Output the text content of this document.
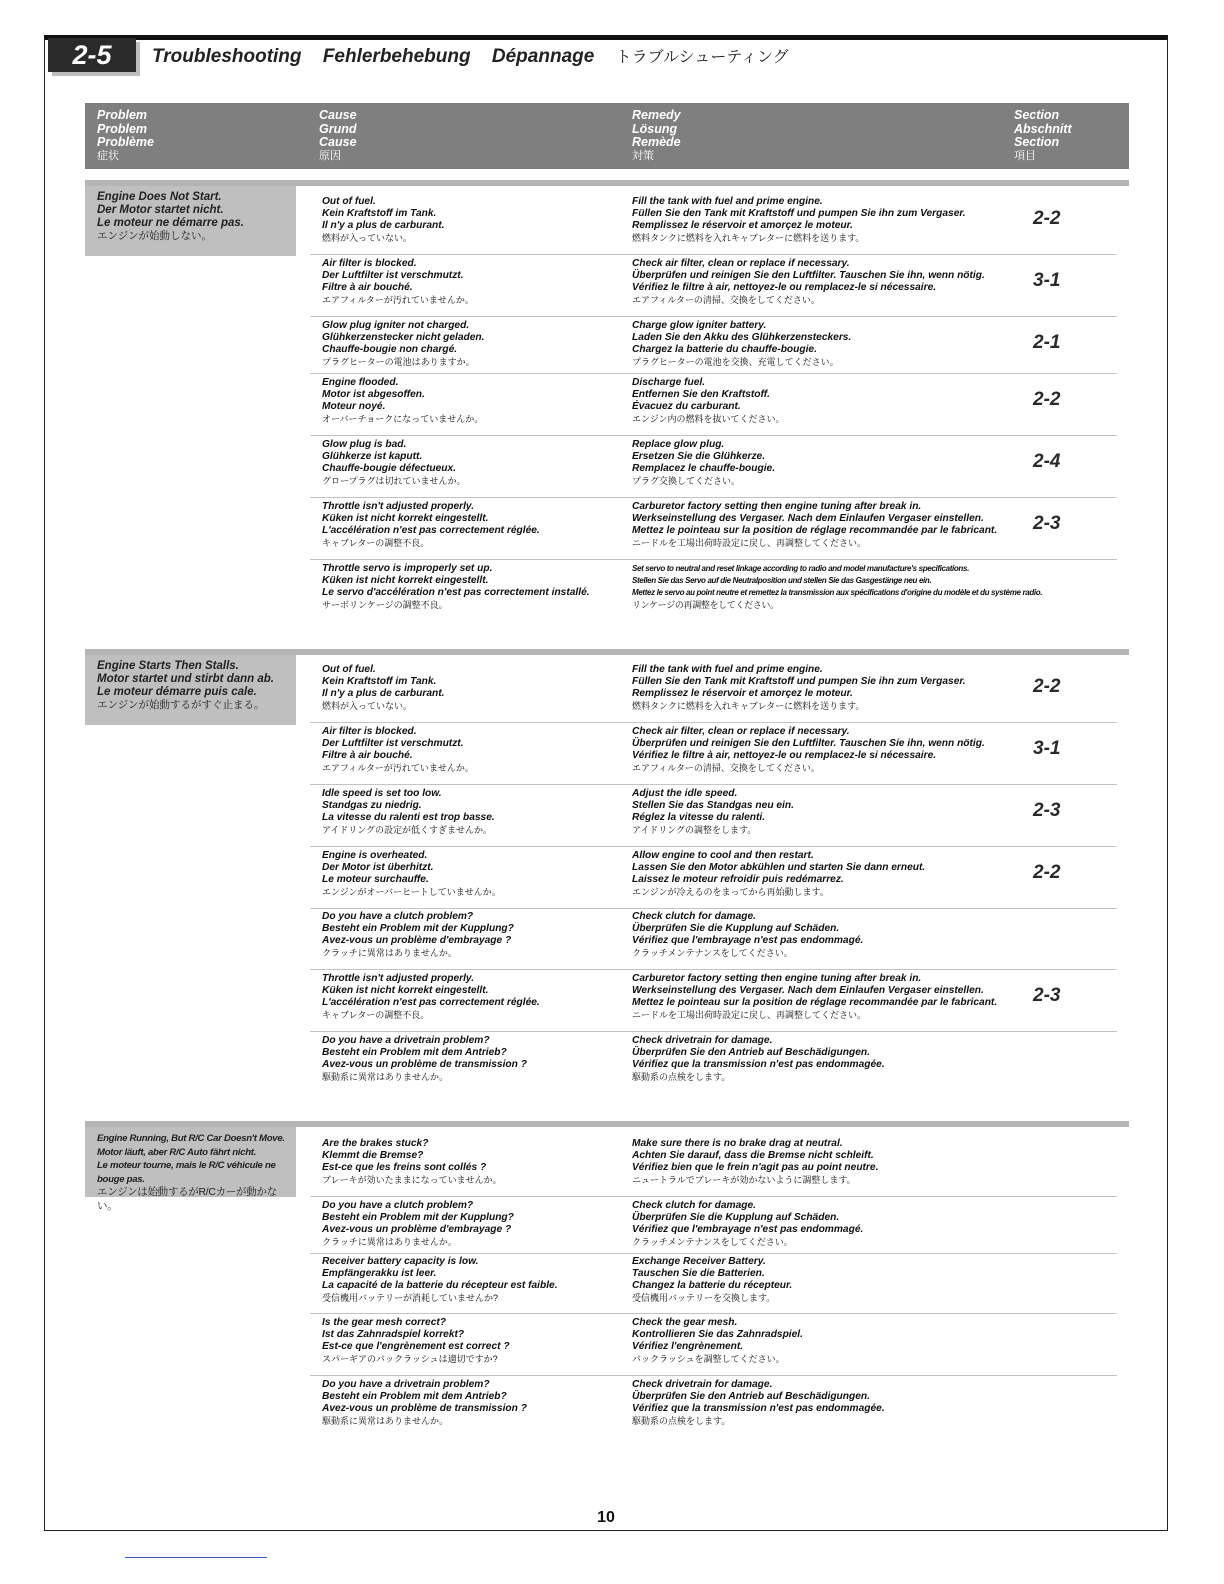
2-5	Troubleshooting Fehlerbehebung Dépannage トラブルシューティング
Problem
Problem
Problème
症状
Cause
Grund
Cause
原因
Remedy
Lösung
Remède
対策
Section
Abschnitt
Section
項目
Engine Does Not Start.
Der Motor startet nicht.
Le moteur ne démarre pas.
エンジンが始動しない。
Out of fuel.
Kein Kraftstoff im Tank.
Il n'y a plus de carburant.
燃料が入っていない。
Fill the tank with fuel and prime engine.
Füllen Sie den Tank mit Kraftstoff und pumpen Sie ihn zum Vergaser.
Remplissez le réservoir et amorçez le moteur.
燃料タンクに燃料を入れキャブレターに燃料を送ります。
2-2
Air filter is blocked.
Der Luftfilter ist verschmutzt.
Filtre à air bouché.
エアフィルターが汚れていませんか。
Check air filter, clean or replace if necessary.
Überprüfen und reinigen Sie den Luftfilter. Tauschen Sie ihn, wenn nötig.
Vérifiez le filtre à air, nettoyez-le ou remplacez-le si nécessaire.
エアフィルターの清掃、交換をしてください。
3-1
Glow plug igniter not charged.
Glühkerzenstecker nicht geladen.
Chauffe-bougie non chargé.
プラグヒーターの電池はありますか。
Charge glow igniter battery.
Laden Sie den Akku des Glühkerzensteckers.
Chargez la batterie du chauffe-bougie.
プラグヒーターの電池を交換、充電してください。
2-1
Engine flooded.
Motor ist abgesoffen.
Moteur noyé.
オーバーチョークになっていませんか。
Discharge fuel.
Entfernen Sie den Kraftstoff.
Évacuez du carburant.
エンジン内の燃料を抜いてください。
2-2
Glow plug is bad.
Glühkerze ist kaputt.
Chauffe-bougie défectueux.
グロープラグは切れていませんか。
Replace glow plug.
Ersetzen Sie die Glühkerze.
Remplacez le chauffe-bougie.
プラグ交換してください。
2-4
Throttle isn't adjusted properly.
Küken ist nicht korrekt eingestellt.
L'accélération n'est pas correctement réglée.
キャブレターの調整不良。
Carburetor factory setting then engine tuning after break in.
Werkseinstellung des Vergaser. Nach dem Einlaufen Vergaser einstellen.
Mettez le pointeau sur la position de réglage recommandée par le fabricant.
ニードルを工場出荷時設定に戻し、再調整してください。
2-3
Throttle servo is improperly set up.
Küken ist nicht korrekt eingestellt.
Le servo d'accélération n'est pas correctement installé.
サーボリンケージの調整不良。
Set servo to neutral and reset linkage according to radio and model manufacture's specifications.
Stellen Sie das Servo auf die Neutralposition und stellen Sie das Gasgestänge neu ein.
Mettez le servo au point neutre et remettez la transmission aux spécifications d'origine du modèle et du système radio.
リンケージの再調整をしてください。
Engine Starts Then Stalls.
Motor startet und stirbt dann ab.
Le moteur démarre puis cale.
エンジンが始動するがすぐ止まる。
Out of fuel.
Kein Kraftstoff im Tank.
Il n'y a plus de carburant.
燃料が入っていない。
Fill the tank with fuel and prime engine.
Füllen Sie den Tank mit Kraftstoff und pumpen Sie ihn zum Vergaser.
Remplissez le réservoir et amorçez le moteur.
燃料タンクに燃料を入れキャブレターに燃料を送ります。
2-2
Air filter is blocked.
Der Luftfilter ist verschmutzt.
Filtre à air bouché.
エアフィルターが汚れていませんか。
Check air filter, clean or replace if necessary.
Überprüfen und reinigen Sie den Luftfilter. Tauschen Sie ihn, wenn nötig.
Vérifiez le filtre à air, nettoyez-le ou remplacez-le si nécessaire.
エアフィルターの清掃、交換をしてください。
3-1
Idle speed is set too low.
Standgas zu niedrig.
La vitesse du ralenti est trop basse.
アイドリングの設定が低くすぎませんか。
Adjust the idle speed.
Stellen Sie das Standgas neu ein.
Réglez la vitesse du ralenti.
アイドリングの調整をします。
2-3
Engine is overheated.
Der Motor ist überhitzt.
Le moteur surchauffe.
エンジンがオーバーヒートしていませんか。
Allow engine to cool and then restart.
Lassen Sie den Motor abkühlen und starten Sie dann erneut.
Laissez le moteur refroidir puis redémarrez.
エンジンが冷えるのをまってから再始動します。
2-2
Do you have a clutch problem?
Besteht ein Problem mit der Kupplung?
Avez-vous un problème d'embrayage ?
クラッチに異常はありませんか。
Check clutch for damage.
Überprüfen Sie die Kupplung auf Schäden.
Vérifiez que l'embrayage n'est pas endommagé.
クラッチメンテナンスをしてください。
Throttle isn't adjusted properly.
Küken ist nicht korrekt eingestellt.
L'accélération n'est pas correctement réglée.
キャブレターの調整不良。
Carburetor factory setting then engine tuning after break in.
Werkseinstellung des Vergaser. Nach dem Einlaufen Vergaser einstellen.
Mettez le pointeau sur la position de réglage recommandée par le fabricant.
ニードルを工場出荷時設定に戻し、再調整してください。
2-3
Do you have a drivetrain problem?
Besteht ein Problem mit dem Antrieb?
Avez-vous un problème de transmission ?
駆動系に異常はありませんか。
Check drivetrain for damage.
Überprüfen Sie den Antrieb auf Beschädigungen.
Vérifiez que la transmission n'est pas endommagée.
駆動系の点検をします。
Engine Running, But R/C Car Doesn't Move.
Motor läuft, aber R/C Auto fährt nicht.
Le moteur tourne, mais le R/C véhicule ne bouge pas.
エンジンは始動するがR/Cカーが動かない。
Are the brakes stuck?
Klemmt die Bremse?
Est-ce que les freins sont collés ?
ブレーキが効いたままになっていませんか。
Make sure there is no brake drag at neutral.
Achten Sie darauf, dass die Bremse nicht schleift.
Vérifiez bien que le frein n'agit pas au point neutre.
ニュートラルでブレーキが効かないように調整します。
Do you have a clutch problem?
Besteht ein Problem mit der Kupplung?
Avez-vous un problème d'embrayage ?
クラッチに異常はありませんか。
Check clutch for damage.
Überprüfen Sie die Kupplung auf Schäden.
Vérifiez que l'embrayage n'est pas endommagé.
クラッチメンテナンスをしてください。
Receiver battery capacity is low.
Empfängerakku ist leer.
La capacité de la batterie du récepteur est faible.
受信機用バッテリーが消耗していませんか?
Exchange Receiver Battery.
Tauschen Sie die Batterien.
Changez la batterie du récepteur.
受信機用バッテリーを交換します。
Is the gear mesh correct?
Ist das Zahnradspiel korrekt?
Est-ce que l'engrènement est correct ?
スパーギアのバックラッシュは適切ですか?
Check the gear mesh.
Kontrollieren Sie das Zahnradspiel.
Vérifiez l'engrènement.
バックラッシュを調整してください。
Do you have a drivetrain problem?
Besteht ein Problem mit dem Antrieb?
Avez-vous un problème de transmission ?
駆動系に異常はありませんか。
Check drivetrain for damage.
Überprüfen Sie den Antrieb auf Beschädigungen.
Vérifiez que la transmission n'est pas endommagée.
駆動系の点検をします。
10
